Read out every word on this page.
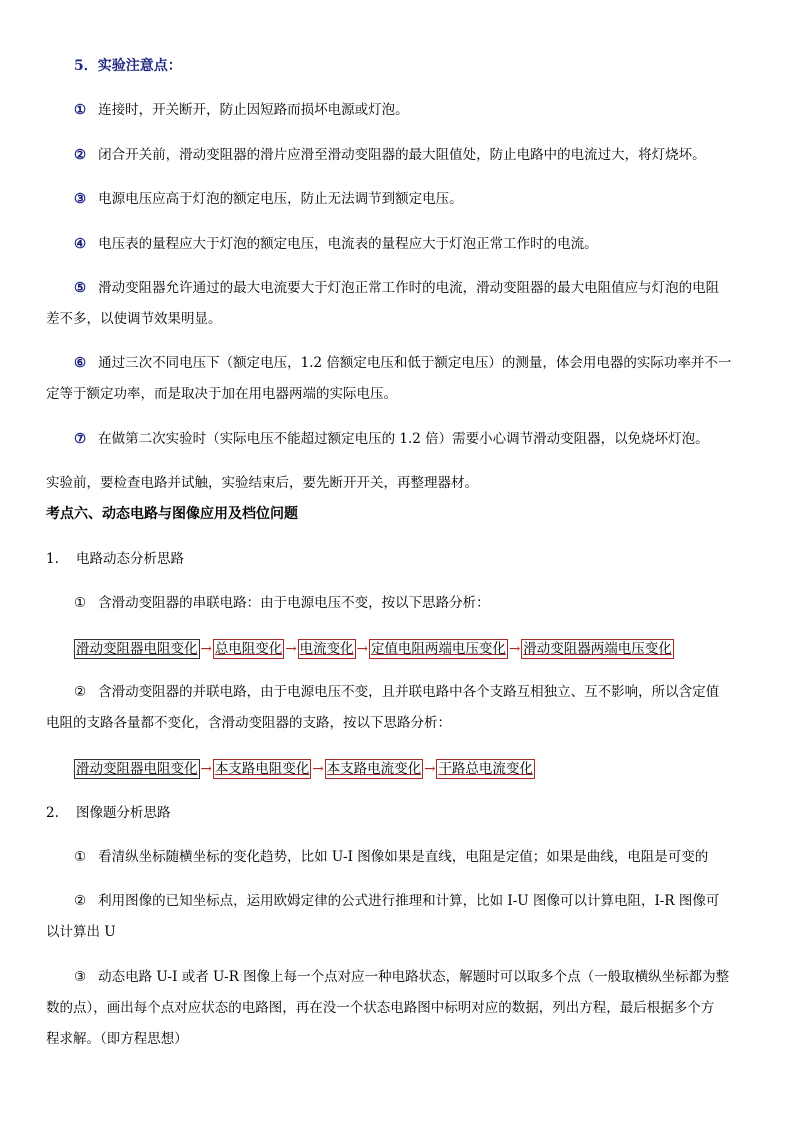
5．实验注意点：
① 连接时，开关断开，防止因短路而损坏电源或灯泡。
② 闭合开关前，滑动变阻器的滑片应滑至滑动变阻器的最大阻值处，防止电路中的电流过大，将灯烧坏。
③ 电源电压应高于灯泡的额定电压，防止无法调节到额定电压。
④ 电压表的量程应大于灯泡的额定电压，电流表的量程应大于灯泡正常工作时的电流。
⑤ 滑动变阻器允许通过的最大电流要大于灯泡正常工作时的电流，滑动变阻器的最大电阻值应与灯泡的电阻
差不多，以使调节效果明显。
⑥ 通过三次不同电压下（额定电压，1.2 倍额定电压和低于额定电压）的测量，体会用电器的实际功率并不一
定等于额定功率，而是取决于加在用电器两端的实际电压。
⑦ 在做第二次实验时（实际电压不能超过额定电压的 1.2 倍）需要小心调节滑动变阻器，以免烧坏灯泡。
实验前，要检查电路并试触，实验结束后，要先断开开关，再整理器材。
考点六、动态电路与图像应用及档位问题
1. 电路动态分析思路
① 含滑动变阻器的串联电路：由于电源电压不变，按以下思路分析：
滑动变阻器电阻变化 → 总电阻变化 → 电流变化 → 定值电阻两端电压变化 → 滑动变阻器两端电压变化
② 含滑动变阻器的并联电路，由于电源电压不变，且并联电路中各个支路互相独立、互不影响，所以含定值
电阻的支路各量都不变化，含滑动变阻器的支路，按以下思路分析：
滑动变阻器电阻变化 → 本支路电阻变化 → 本支路电流变化 → 干路总电流变化
2. 图像题分析思路
① 看清纵坐标随横坐标的变化趋势，比如 U-I 图像如果是直线，电阻是定值；如果是曲线，电阻是可变的
② 利用图像的已知坐标点，运用欧姆定律的公式进行推理和计算，比如 I-U 图像可以计算电阻，I-R 图像可
以计算出 U
③ 动态电路 U-I 或者 U-R 图像上每一个点对应一种电路状态，解题时可以取多个点（一般取横纵坐标都为整
数的点），画出每个点对应状态的电路图，再在没一个状态电路图中标明对应的数据，列出方程，最后根据多个方
程求解。（即方程思想）
